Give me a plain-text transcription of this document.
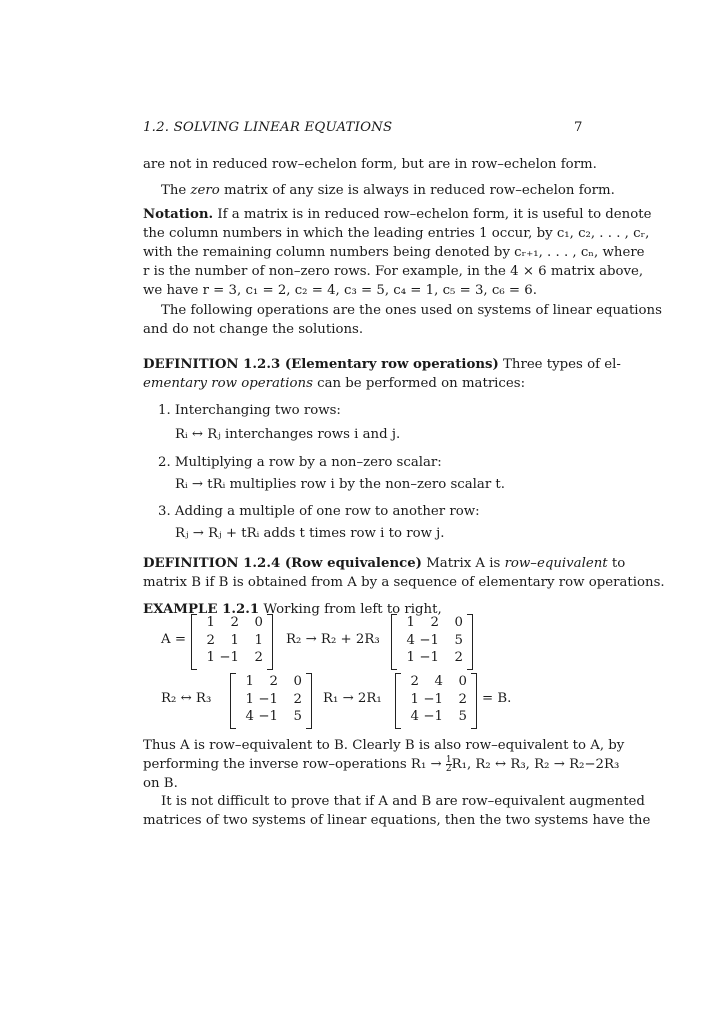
1.2. SOLVING LINEAR EQUATIONS	7
are not in reduced row–echelon form, but are in row–echelon form.
The zero matrix of any size is always in reduced row–echelon form.
Notation. If a matrix is in reduced row–echelon form, it is useful to denote
the column numbers in which the leading entries 1 occur, by c₁, c₂, . . . , cᵣ,
with the remaining column numbers being denoted by cᵣ₊₁, . . . , cₙ, where
r is the number of non–zero rows. For example, in the 4 × 6 matrix above,
we have r = 3, c₁ = 2, c₂ = 4, c₃ = 5, c₄ = 1, c₅ = 3, c₆ = 6.
The following operations are the ones used on systems of linear equations
and do not change the solutions.
DEFINITION 1.2.3 (Elementary row operations) Three types of el-
ementary row operations can be performed on matrices:
1. Interchanging two rows:
Rᵢ ↔ Rⱼ interchanges rows i and j.
2. Multiplying a row by a non–zero scalar:
Rᵢ → tRᵢ multiplies row i by the non–zero scalar t.
3. Adding a multiple of one row to another row:
Rⱼ → Rⱼ + tRᵢ adds t times row i to row j.
DEFINITION 1.2.4 (Row equivalence) Matrix A is row–equivalent to
matrix B if B is obtained from A by a sequence of elementary row operations.
EXAMPLE 1.2.1 Working from left to right,
A =
1	2	0
2	1	1
1 −1	2
R₂ → R₂ + 2R₃
1	2	0
4 −1	5
1 −1	2
R₂ ↔ R₃
1	2	0
1 −1	2
4 −1	5
R₁ → 2R₁
2	4	0
1 −1	2
4 −1	5
= B.
Thus A is row–equivalent to B. Clearly B is also row–equivalent to A, by
performing the inverse row–operations $R_1 \to \frac{1}{2} R_1$, R₂ ↔ R₃, R₂ → R₂−2R₃
on B.
It is not difficult to prove that if A and B are row–equivalent augmented
matrices of two systems of linear equations, then the two systems have the
